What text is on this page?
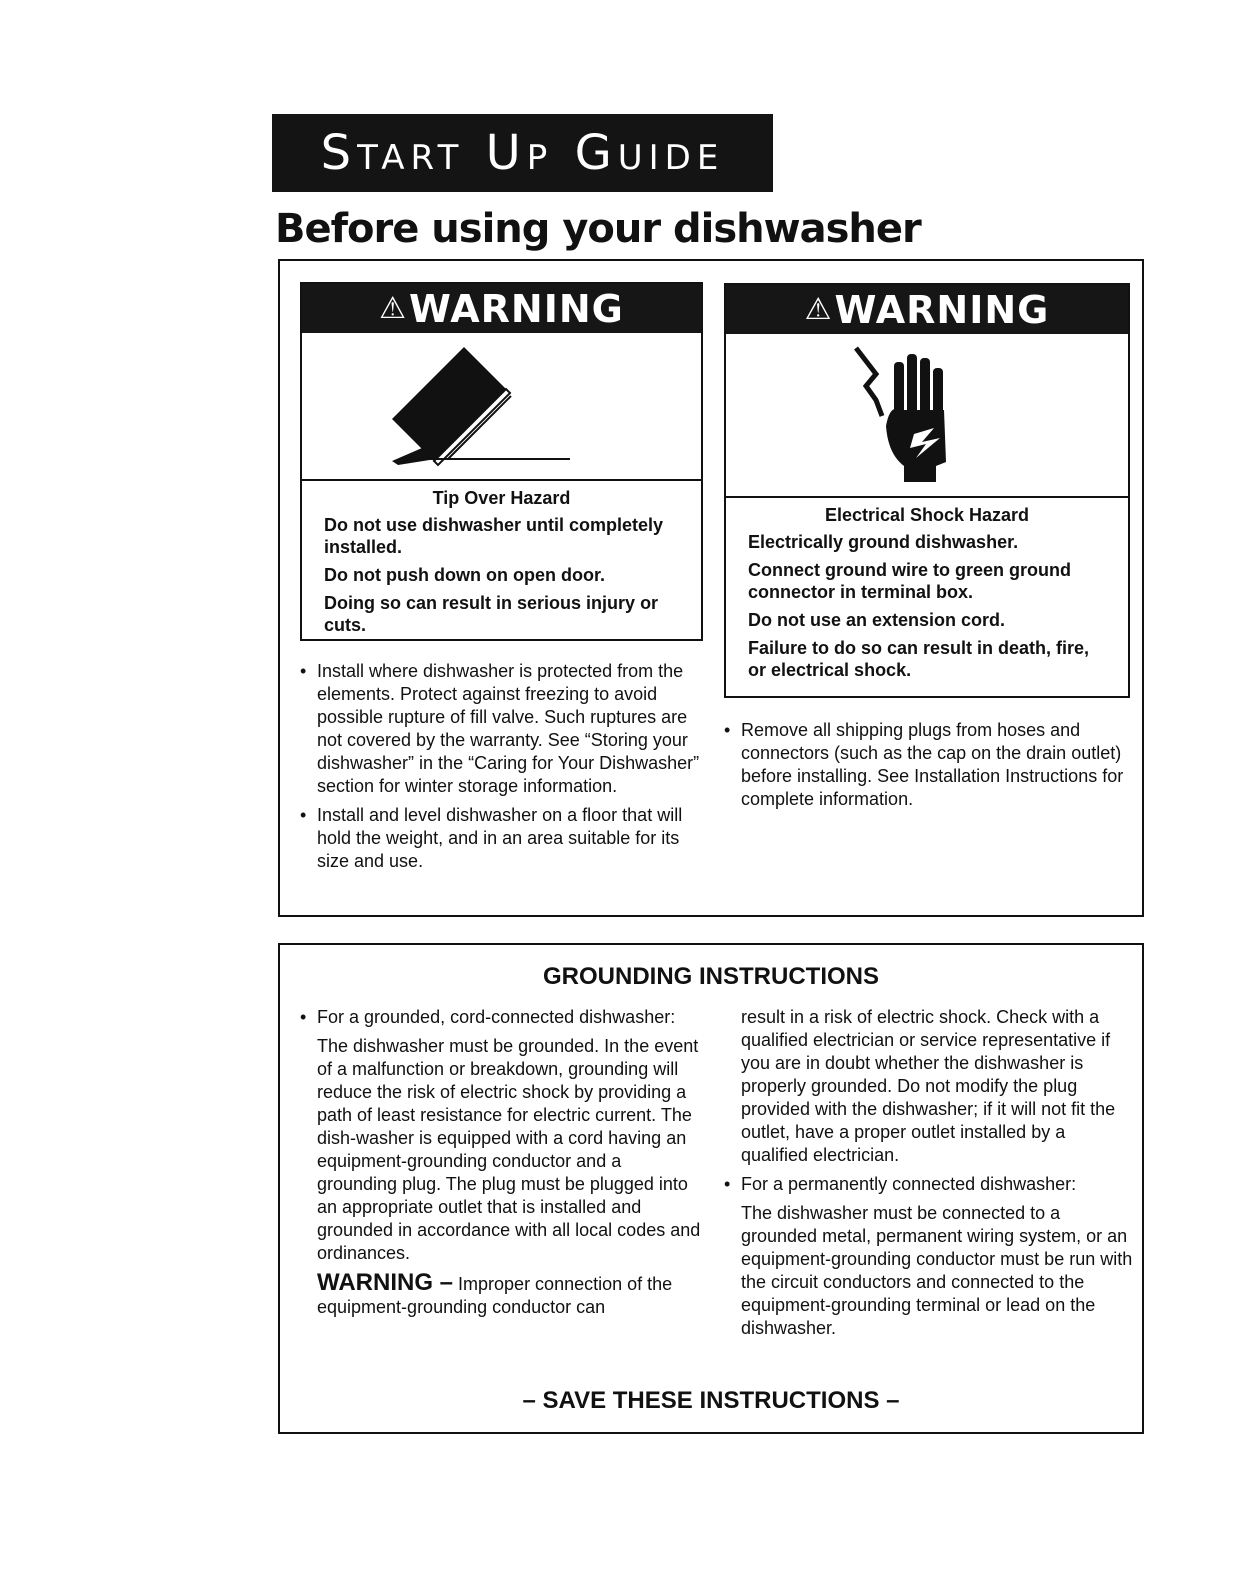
Start Up Guide
Before using your dishwasher
⚠ WARNING
Tip Over Hazard

Do not use dishwasher until completely installed.

Do not push down on open door.

Doing so can result in serious injury or cuts.

⚠ WARNING
Electrical Shock Hazard

Electrically ground dishwasher.

Connect ground wire to green ground connector in terminal box.

Do not use an extension cord.

Failure to do so can result in death, fire, or electrical shock.

• Install where dishwasher is protected from the elements. Protect against freezing to avoid possible rupture of fill valve. Such ruptures are not covered by the warranty. See “Storing your dishwasher” in the “Caring for Your Dishwasher” section for winter storage information.
• Install and level dishwasher on a floor that will hold the weight, and in an area suitable for its size and use.
• Remove all shipping plugs from hoses and connectors (such as the cap on the drain outlet) before installing. See Installation Instructions for complete information.
GROUNDING INSTRUCTIONS
• For a grounded, cord-connected dishwasher:

The dishwasher must be grounded. In the event of a malfunction or breakdown, grounding will reduce the risk of electric shock by providing a path of least resistance for electric current. The dish-washer is equipped with a cord having an equipment-grounding conductor and a grounding plug. The plug must be plugged into an appropriate outlet that is installed and grounded in accordance with all local codes and ordinances.

WARNING – Improper connection of the equipment-grounding conductor can

result in a risk of electric shock. Check with a qualified electrician or service representative if you are in doubt whether the dishwasher is properly grounded. Do not modify the plug provided with the dishwasher; if it will not fit the outlet, have a proper outlet installed by a qualified electrician.

• For a permanently connected dishwasher:

The dishwasher must be connected to a grounded metal, permanent wiring system, or an equipment-grounding conductor must be run with the circuit conductors and connected to the equipment-grounding terminal or lead on the dishwasher.

– SAVE THESE INSTRUCTIONS –
